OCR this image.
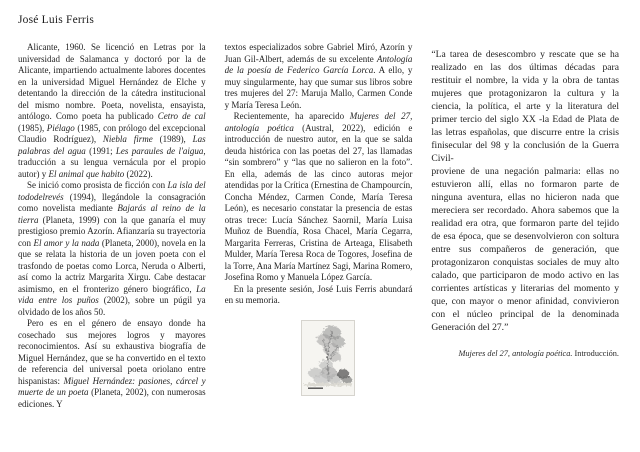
José Luis Ferris

Alicante, 1960. Se licenció en Letras por la universidad de Salamanca y doctoró por la de Alicante, impartiendo actualmente labores docentes en la universidad Miguel Hernández de Elche y detentando la dirección de la cátedra institucional del mismo nombre. Poeta, novelista, ensayista, antólogo. Como poeta ha publicado Cetro de cal (1985), Piélago (1985, con prólogo del excepcional Claudio Rodríguez), Niebla firme (1989), Las palabras del agua (1991; Les paraules de l'aigua, traducción a su lengua vernácula por el propio autor) y El animal que habito (2022).

Se inició como prosista de ficción con La isla del tododelrevés (1994), llegándole la consagración como novelista mediante Bajarás al reino de la tierra (Planeta, 1999) con la que ganaría el muy prestigioso premio Azorín. Afianzaría su trayectoria con El amor y la nada (Planeta, 2000), novela en la que se relata la historia de un joven poeta con el trasfondo de poetas como Lorca, Neruda o Alberti, así como la actriz Margarita Xirgu. Cabe destacar asimismo, en el fronterizo género biográfico, La vida entre los puños (2002), sobre un púgil ya olvidado de los años 50.

Pero es en el género de ensayo donde ha cosechado sus mejores logros y mayores reconocimientos. Así su exhaustiva biografía de Miguel Hernández, que se ha convertido en el texto de referencia del universal poeta oriolano entre hispanistas: Miguel Hernández: pasiones, cárcel y muerte de un poeta (Planeta, 2002), con numerosas ediciones. Y

textos especializados sobre Gabriel Miró, Azorín y Juan Gil-Albert, además de su excelente Antología de la poesía de Federico García Lorca. A ello, y muy singularmente, hay que sumar sus libros sobre tres mujeres del 27: Maruja Mallo, Carmen Conde y María Teresa León.

Recientemente, ha aparecido Mujeres del 27, antología poética (Austral, 2022), edición e introducción de nuestro autor, en la que se salda deuda histórica con las poetas del 27, las llamadas “sin sombrero” y “las que no salieron en la foto”. En ella, además de las cinco autoras mejor atendidas por la Crítica (Ernestina de Champourcín, Concha Méndez, Carmen Conde, María Teresa León), es necesario constatar la presencia de estas otras trece: Lucía Sánchez Saornil, María Luisa Muñoz de Buendía, Rosa Chacel, María Cegarra, Margarita Ferreras, Cristina de Arteaga, Elisabeth Mulder, María Teresa Roca de Togores, Josefina de la Torre, Ana María Martínez Sagi, Marina Romero, Josefina Romo y Manuela López García.

En la presente sesión, José Luis Ferris abundará en su memoria.

“La tarea de desescombro y rescate que se ha realizado en las dos últimas décadas para restituir el nombre, la vida y la obra de tantas mujeres que protagonizaron la cultura y la ciencia, la política, el arte y la literatura del primer tercio del siglo XX -la Edad de Plata de las letras españolas, que discurre entre la crisis finisecular del 98 y la conclusión de la Guerra Civil-

proviene de una negación palmaria: ellas no estuvieron allí, ellas no formaron parte de ninguna aventura, ellas no hicieron nada que mereciera ser recordado. Ahora sabemos que la realidad era otra, que formaron parte del tejido de esa época, que se desenvolvieron con soltura entre sus compañeros de generación, que protagonizaron conquistas sociales de muy alto calado, que participaron de modo activo en las corrientes artísticas y literarias del momento y que, con mayor o menor afinidad, convivieron con el núcleo principal de la denominada Generación del 27.”

Mujeres del 27, antología poética. Introducción.
